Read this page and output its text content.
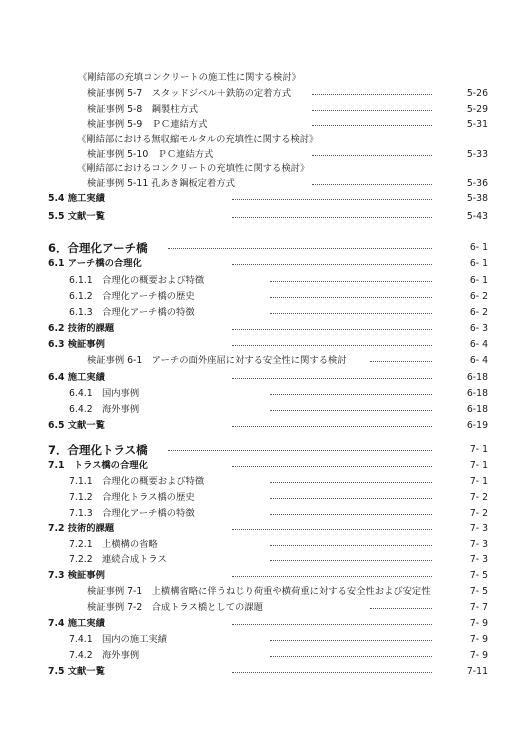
《剛結部の充填コンクリートの施工性に関する検討》
検証事例 5-7　スタッドジベル＋鉄筋の定着方式	5-26
検証事例 5-8　鋼製柱方式	5-29
検証事例 5-9　ＰＣ連結方式	5-31
《剛結部における無収縮モルタルの充填性に関する検討》
検証事例 5-10　ＰＣ連結方式	5-33
《剛結部におけるコンクリートの充填性に関する検討》
検証事例 5-11 孔あき鋼板定着方式	5-36
5.4 施工実績	5-38
5.5 文献一覧	5-43
6．合理化アーチ橋	6- 1
6.1 アーチ橋の合理化	6- 1
6.1.1　合理化の概要および特徴	6- 1
6.1.2　合理化アーチ橋の歴史	6- 2
6.1.3　合理化アーチ橋の特徴	6- 2
6.2 技術的課題	6- 3
6.3 検証事例	6- 4
検証事例 6-1　アーチの面外座屈に対する安全性に関する検討	6- 4
6.4 施工実績	6-18
6.4.1　国内事例	6-18
6.4.2　海外事例	6-18
6.5 文献一覧	6-19
7．合理化トラス橋	7- 1
7.1　トラス橋の合理化	7- 1
7.1.1　合理化の概要および特徴	7- 1
7.1.2　合理化トラス橋の歴史	7- 2
7.1.3　合理化アーチ橋の特徴	7- 2
7.2 技術的課題	7- 3
7.2.1　上横構の省略	7- 3
7.2.2　連続合成トラス	7- 3
7.3 検証事例	7- 5
検証事例 7-1　上横構省略に伴うねじり荷重や横荷重に対する安全性および安定性	7- 5
検証事例 7-2　合成トラス橋としての課題	7- 7
7.4 施工実績	7- 9
7.4.1　国内の施工実績	7- 9
7.4.2　海外事例	7- 9
7.5 文献一覧	7-11
